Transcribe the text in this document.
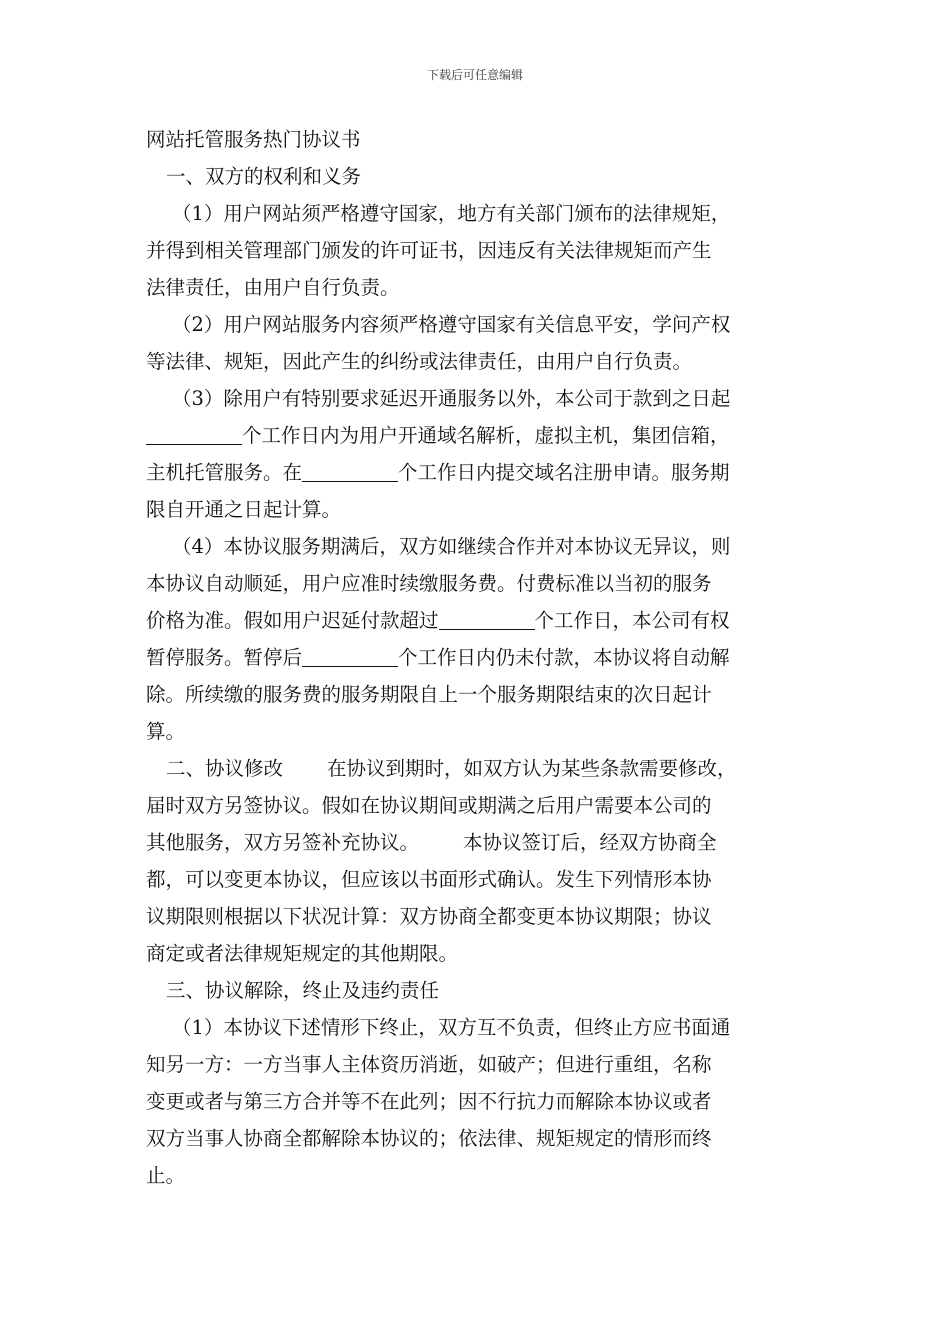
下载后可任意编辑
网站托管服务热门协议书
一、双方的权利和义务
（1）用户网站须严格遵守国家，地方有关部门颁布的法律规矩，
并得到相关管理部门颁发的许可证书，因违反有关法律规矩而产生
法律责任，由用户自行负责。
（2）用户网站服务内容须严格遵守国家有关信息平安，学问产权
等法律、规矩，因此产生的纠纷或法律责任，由用户自行负责。
（3）除用户有特别要求延迟开通服务以外，本公司于款到之日起
个工作日内为用户开通域名解析，虚拟主机，集团信箱，
主机托管服务。在	个工作日内提交域名注册申请。服务期
限自开通之日起计算。
（4）本协议服务期满后，双方如继续合作并对本协议无异议，则
本协议自动顺延，用户应准时续缴服务费。付费标准以当初的服务
价格为准。假如用户迟延付款超过	个工作日，本公司有权
暂停服务。暂停后	个工作日内仍未付款，本协议将自动解
除。所续缴的服务费的服务期限自上一个服务期限结束的次日起计
算。
二、协议修改 在协议到期时，如双方认为某些条款需要修改，
届时双方另签协议。假如在协议期间或期满之后用户需要本公司的
其他服务，双方另签补充协议。 本协议签订后，经双方协商全
都，可以变更本协议，但应该以书面形式确认。发生下列情形本协
议期限则根据以下状况计算：双方协商全都变更本协议期限；协议
商定或者法律规矩规定的其他期限。
三、协议解除，终止及违约责任
（1）本协议下述情形下终止，双方互不负责，但终止方应书面通
知另一方：一方当事人主体资历消逝，如破产；但进行重组，名称
变更或者与第三方合并等不在此列；因不行抗力而解除本协议或者
双方当事人协商全都解除本协议的；依法律、规矩规定的情形而终
止。
